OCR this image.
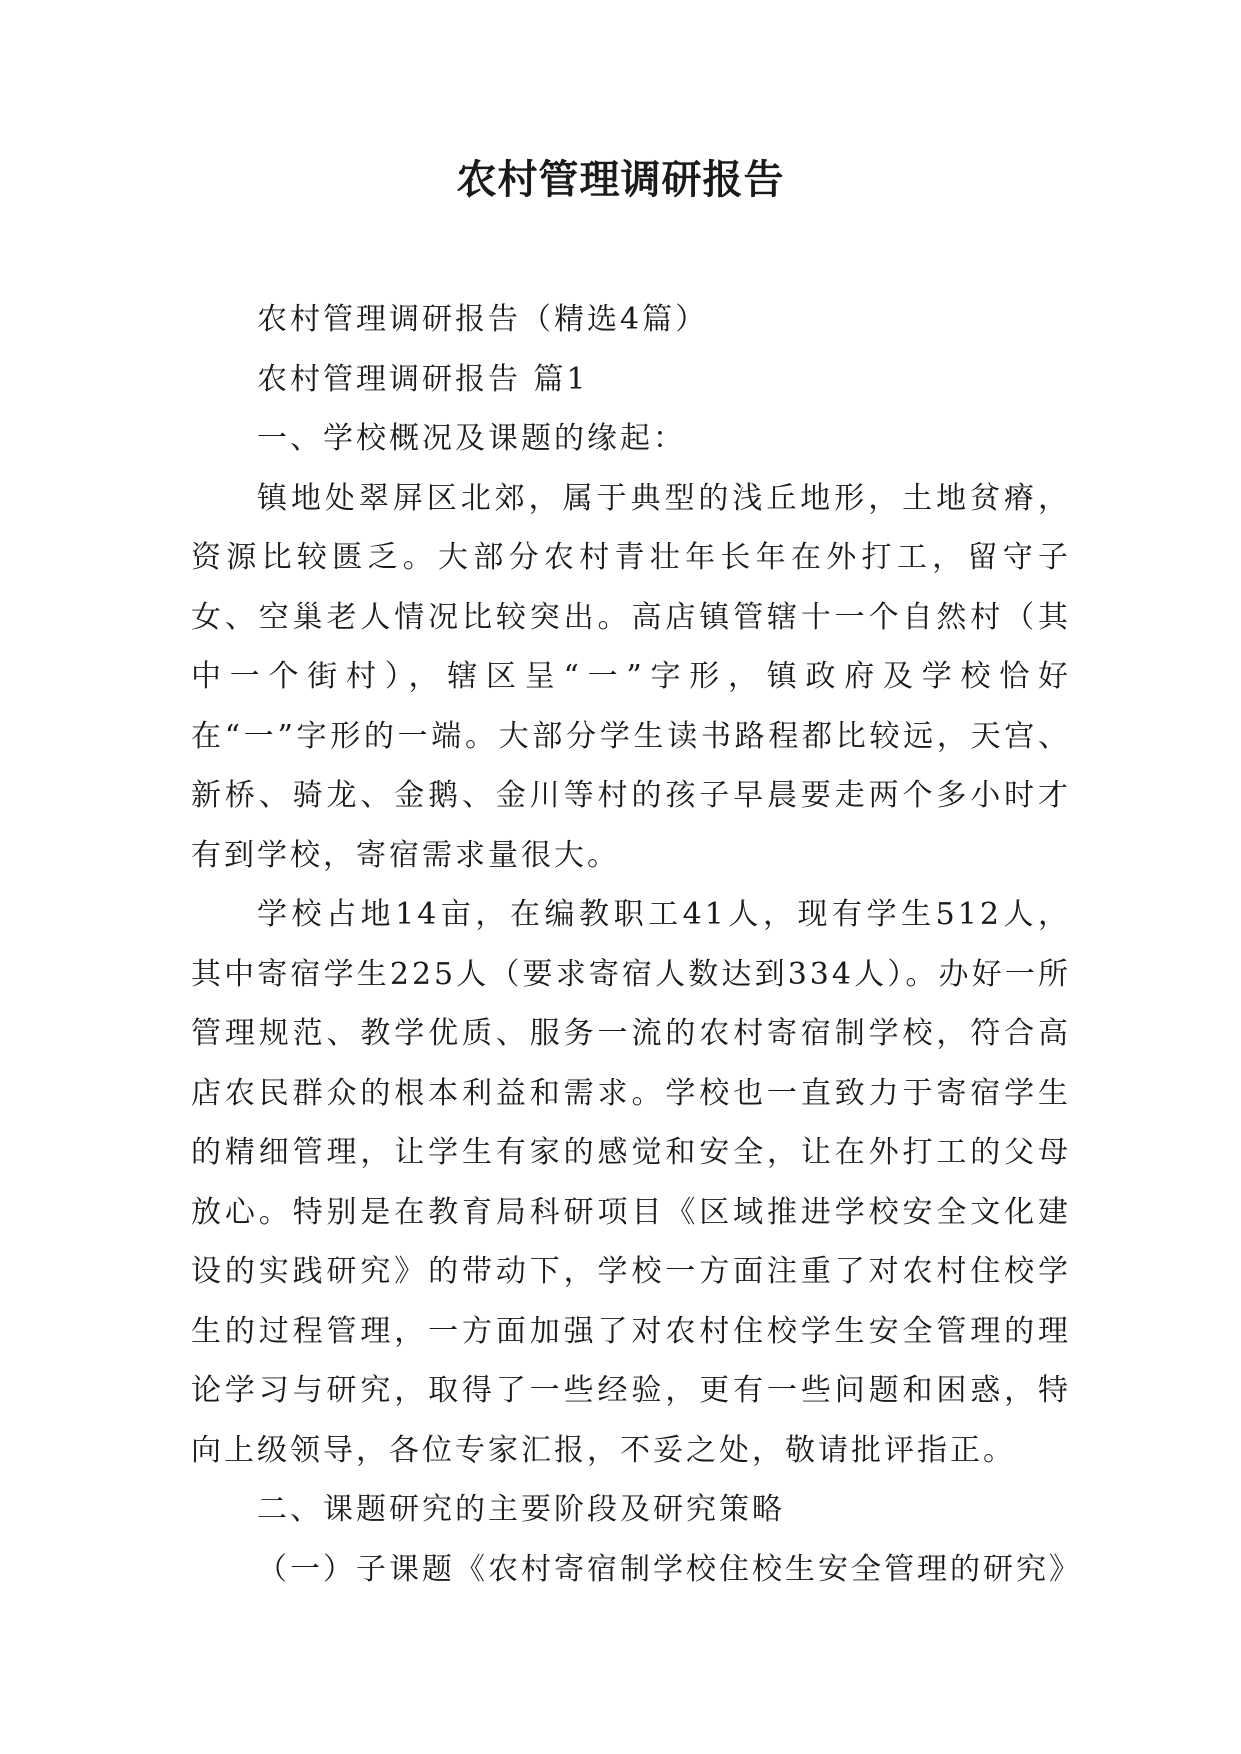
农村管理调研报告

农村管理调研报告（精选4篇）

农村管理调研报告 篇1

一、学校概况及课题的缘起：

镇地处翠屏区北郊，属于典型的浅丘地形，土地贫瘠，资源比较匮乏。大部分农村青壮年长年在外打工，留守子女、空巢老人情况比较突出。高店镇管辖十一个自然村（其中一个街村），辖区呈“一”字形，镇政府及学校恰好在“一”字形的一端。大部分学生读书路程都比较远，天宫、新桥、骑龙、金鹅、金川等村的孩子早晨要走两个多小时才有到学校，寄宿需求量很大。

学校占地14亩，在编教职工41人，现有学生512人，其中寄宿学生225人（要求寄宿人数达到334人）。办好一所管理规范、教学优质、服务一流的农村寄宿制学校，符合高店农民群众的根本利益和需求。学校也一直致力于寄宿学生的精细管理，让学生有家的感觉和安全，让在外打工的父母放心。特别是在教育局科研项目《区域推进学校安全文化建设的实践研究》的带动下，学校一方面注重了对农村住校学生的过程管理，一方面加强了对农村住校学生安全管理的理论学习与研究，取得了一些经验，更有一些问题和困惑，特向上级领导，各位专家汇报，不妥之处，敬请批评指正。

二、课题研究的主要阶段及研究策略

（一）子课题《农村寄宿制学校住校生安全管理的研究》
